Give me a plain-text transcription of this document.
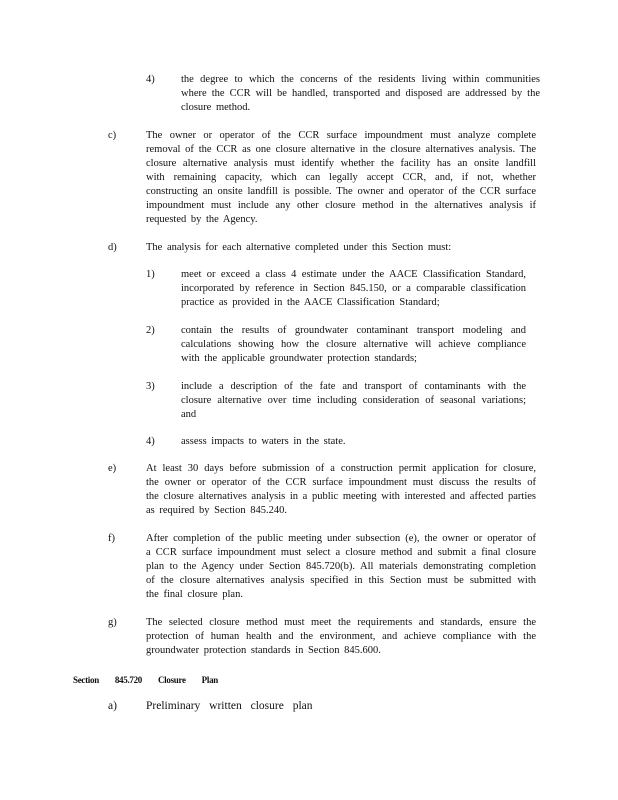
4)	the degree to which the concerns of the residents living within communities where the CCR will be handled, transported and disposed are addressed by the closure method.
c)	The owner or operator of the CCR surface impoundment must analyze complete removal of the CCR as one closure alternative in the closure alternatives analysis. The closure alternative analysis must identify whether the facility has an onsite landfill with remaining capacity, which can legally accept CCR, and, if not, whether constructing an onsite landfill is possible. The owner and operator of the CCR surface impoundment must include any other closure method in the alternatives analysis if requested by the Agency.
d)	The analysis for each alternative completed under this Section must:
1)	meet or exceed a class 4 estimate under the AACE Classification Standard, incorporated by reference in Section 845.150, or a comparable classification practice as provided in the AACE Classification Standard;
2)	contain the results of groundwater contaminant transport modeling and calculations showing how the closure alternative will achieve compliance with the applicable groundwater protection standards;
3)	include a description of the fate and transport of contaminants with the closure alternative over time including consideration of seasonal variations; and
4)	assess impacts to waters in the state.
e)	At least 30 days before submission of a construction permit application for closure, the owner or operator of the CCR surface impoundment must discuss the results of the closure alternatives analysis in a public meeting with interested and affected parties as required by Section 845.240.
f)	After completion of the public meeting under subsection (e), the owner or operator of a CCR surface impoundment must select a closure method and submit a final closure plan to the Agency under Section 845.720(b). All materials demonstrating completion of the closure alternatives analysis specified in this Section must be submitted with the final closure plan.
g)	The selected closure method must meet the requirements and standards, ensure the protection of human health and the environment, and achieve compliance with the groundwater protection standards in Section 845.600.
Section 845.720 Closure Plan
a)	Preliminary written closure plan
